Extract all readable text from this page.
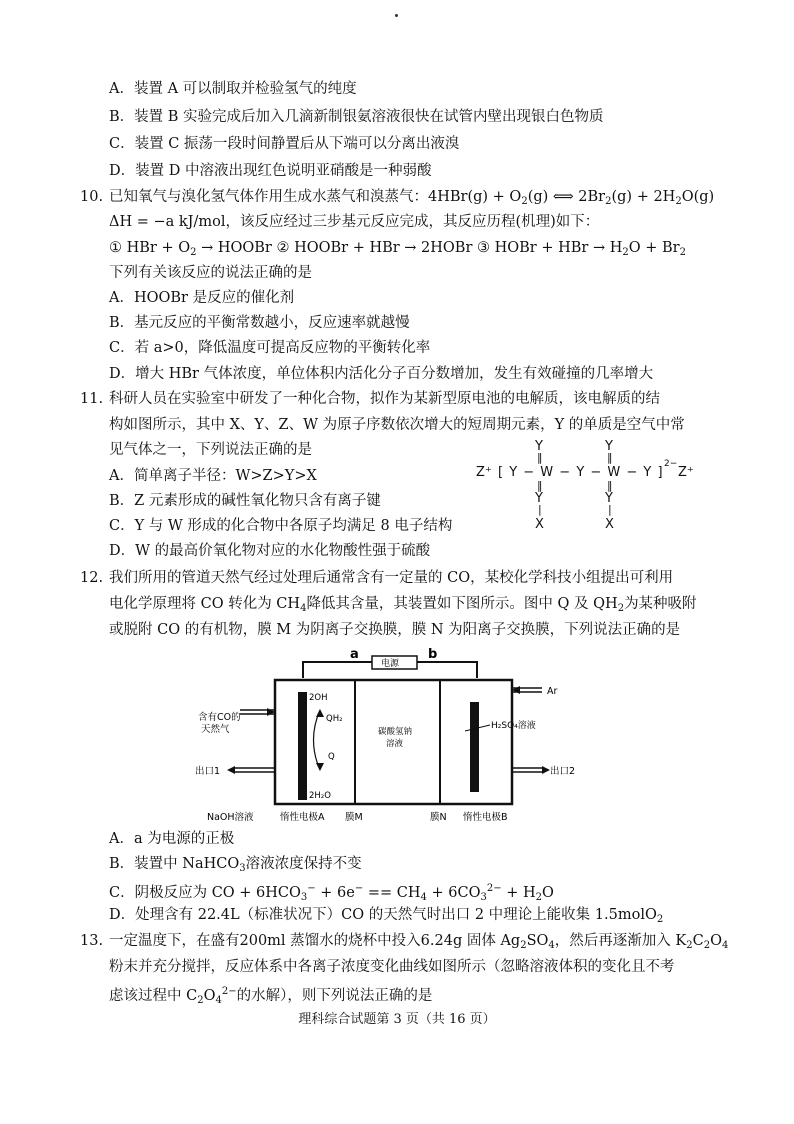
A．装置 A 可以制取并检验氢气的纯度
B．装置 B 实验完成后加入几滴新制银氨溶液很快在试管内壁出现银白色物质
C．装置 C 振荡一段时间静置后从下端可以分离出液溴
D．装置 D 中溶液出现红色说明亚硝酸是一种弱酸
10. 已知氧气与溴化氢气体作用生成水蒸气和溴蒸气：$4HBr(g) + O_2(g)$ ⟺ $2Br_2(g) + 2H_2O(g)$
ΔH = −a kJ/mol，该反应经过三步基元反应完成，其反应历程(机理)如下：
① HBr + $O_2$ → HOOBr ② HOOBr + HBr → 2HOBr ③ HOBr + HBr → $H_2O + Br_2$
下列有关该反应的说法正确的是
A．HOOBr 是反应的催化剂
B．基元反应的平衡常数越小，反应速率就越慢
C．若 a>0，降低温度可提高反应物的平衡转化率
D．增大 HBr 气体浓度，单位体积内活化分子百分数增加，发生有效碰撞的几率增大
11. 科研人员在实验室中研发了一种化合物，拟作为某新型原电池的电解质，该电解质的结
构如图所示，其中 X、Y、Z、W 为原子序数依次增大的短周期元素，Y 的单质是空气中常
见气体之一，下列说法正确的是
A．简单离子半径：W>Z>Y>X
B．Z 元素形成的碱性氧化物只含有离子键
C．Y 与 W 形成的化合物中各原子均满足 8 电子结构
D．W 的最高价氧化物对应的水化物酸性强于硫酸
Y	Y
‖	‖
Z⁺ [ Y − W − Y − W − Y ]
2−
Z⁺
‖	‖
Y	Y
|	|
X	X
12. 我们所用的管道天然气经过处理后通常含有一定量的 CO，某校化学科技小组提出可利用
电化学原理将 CO 转化为 $CH_4$降低其含量，其装置如下图所示。图中 Q 及 $QH_2$为某种吸附
或脱附 CO 的有机物，膜 M 为阴离子交换膜，膜 N 为阳离子交换膜，下列说法正确的是
a	b
电源
含有CO的
天然气
出口1	出口2
Ar
2OH
QH₂
Q
2H₂O
碳酸氢钠
溶液
H₂SO₄溶液
NaOH溶液	惰性电极A 膜M	膜N 惰性电极B
A．a 为电源的正极
B．装置中 NaHCO$_3$溶液浓度保持不变
C．阴极反应为 CO + $6HCO_3^- + 6e^- == CH_4 + 6CO_3^{2-} + H_2O$
D．处理含有 22.4L（标准状况下）CO 的天然气时出口 2 中理论上能收集 1.5molO$_2$
13. 一定温度下，在盛有200ml 蒸馏水的烧杯中投入6.24g 固体 $Ag_2SO_4$，然后再逐渐加入 $K_2C_2O_4$
粉末并充分搅拌，反应体系中各离子浓度变化曲线如图所示（忽略溶液体积的变化且不考
虑该过程中 $C_2O_4^{2-}$的水解），则下列说法正确的是
理科综合试题第 3 页（共 16 页）
